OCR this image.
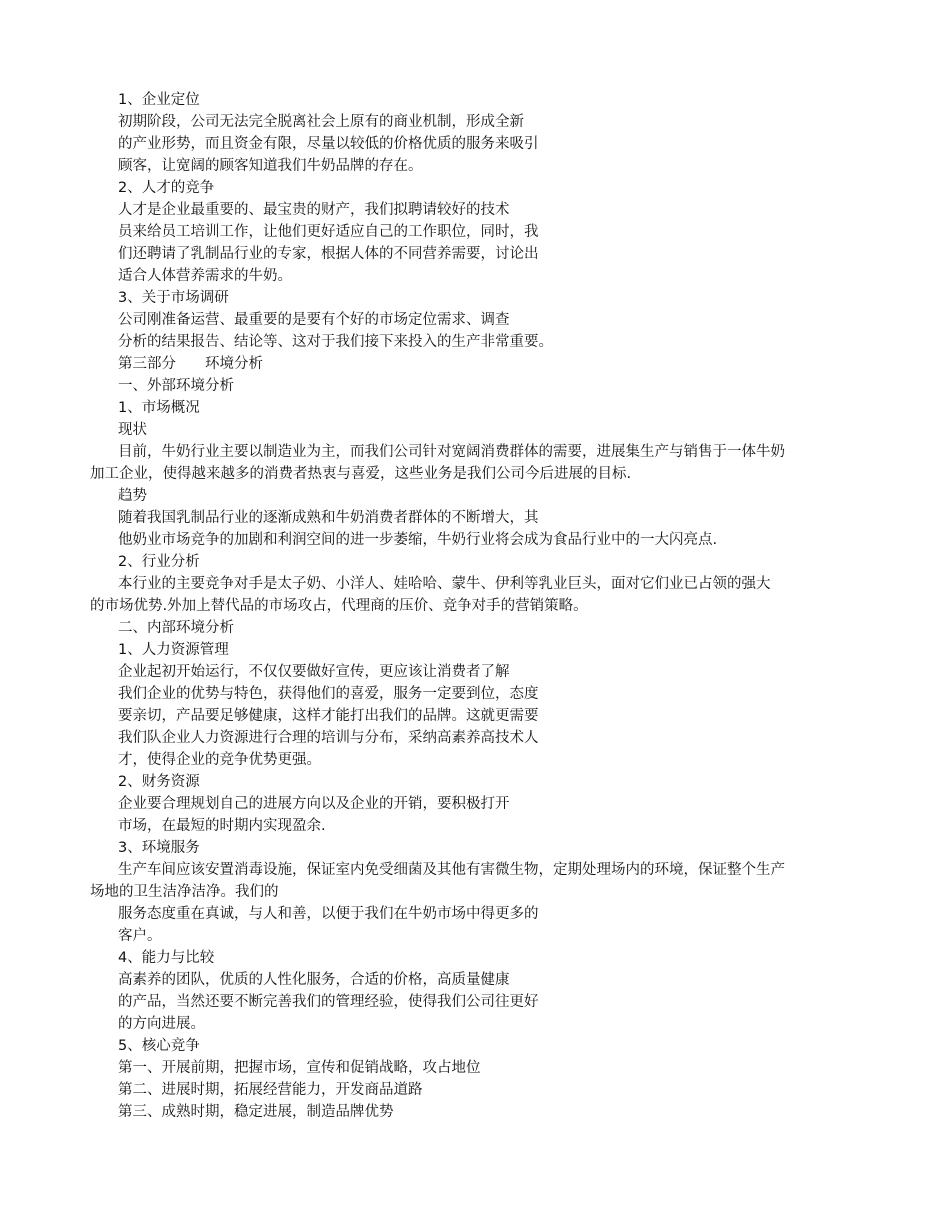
1、企业定位
初期阶段，公司无法完全脱离社会上原有的商业机制，形成全新
的产业形势，而且资金有限，尽量以较低的价格优质的服务来吸引
顾客，让宽阔的顾客知道我们牛奶品牌的存在。
2、人才的竞争
人才是企业最重要的、最宝贵的财产，我们拟聘请较好的技术
员来给员工培训工作，让他们更好适应自己的工作职位，同时，我
们还聘请了乳制品行业的专家，根据人体的不同营养需要，讨论出
适合人体营养需求的牛奶。
3、关于市场调研
公司刚准备运营、最重要的是要有个好的市场定位需求、调查
分析的结果报告、结论等、这对于我们接下来投入的生产非常重要。
第三部分　　环境分析
一、外部环境分析
1、市场概况
现状
目前，牛奶行业主要以制造业为主，而我们公司针对宽阔消费群体的需要，进展集生产与销售于一体牛奶
加工企业，使得越来越多的消费者热衷与喜爱，这些业务是我们公司今后进展的目标.
趋势
随着我国乳制品行业的逐渐成熟和牛奶消费者群体的不断增大，其
他奶业市场竞争的加剧和利润空间的进一步萎缩，牛奶行业将会成为食品行业中的一大闪亮点.
2、行业分析
本行业的主要竞争对手是太子奶、小洋人、娃哈哈、蒙牛、伊利等乳业巨头，面对它们业已占领的强大
的市场优势.外加上替代品的市场攻占，代理商的压价、竞争对手的营销策略。
二、内部环境分析
1、人力资源管理
企业起初开始运行，不仅仅要做好宣传，更应该让消费者了解
我们企业的优势与特色，获得他们的喜爱，服务一定要到位，态度
要亲切，产品要足够健康，这样才能打出我们的品牌。这就更需要
我们队企业人力资源进行合理的培训与分布，采纳高素养高技术人
才，使得企业的竞争优势更强。
2、财务资源
企业要合理规划自己的进展方向以及企业的开销，要积极打开
市场，在最短的时期内实现盈余.
3、环境服务
生产车间应该安置消毒设施，保证室内免受细菌及其他有害微生物，定期处理场内的环境，保证整个生产
场地的卫生洁净洁净。我们的
服务态度重在真诚，与人和善，以便于我们在牛奶市场中得更多的
客户。
4、能力与比较
高素养的团队，优质的人性化服务，合适的价格，高质量健康
的产品，当然还要不断完善我们的管理经验，使得我们公司往更好
的方向进展。
5、核心竞争
第一、开展前期，把握市场，宣传和促销战略，攻占地位
第二、进展时期，拓展经营能力，开发商品道路
第三、成熟时期，稳定进展，制造品牌优势
